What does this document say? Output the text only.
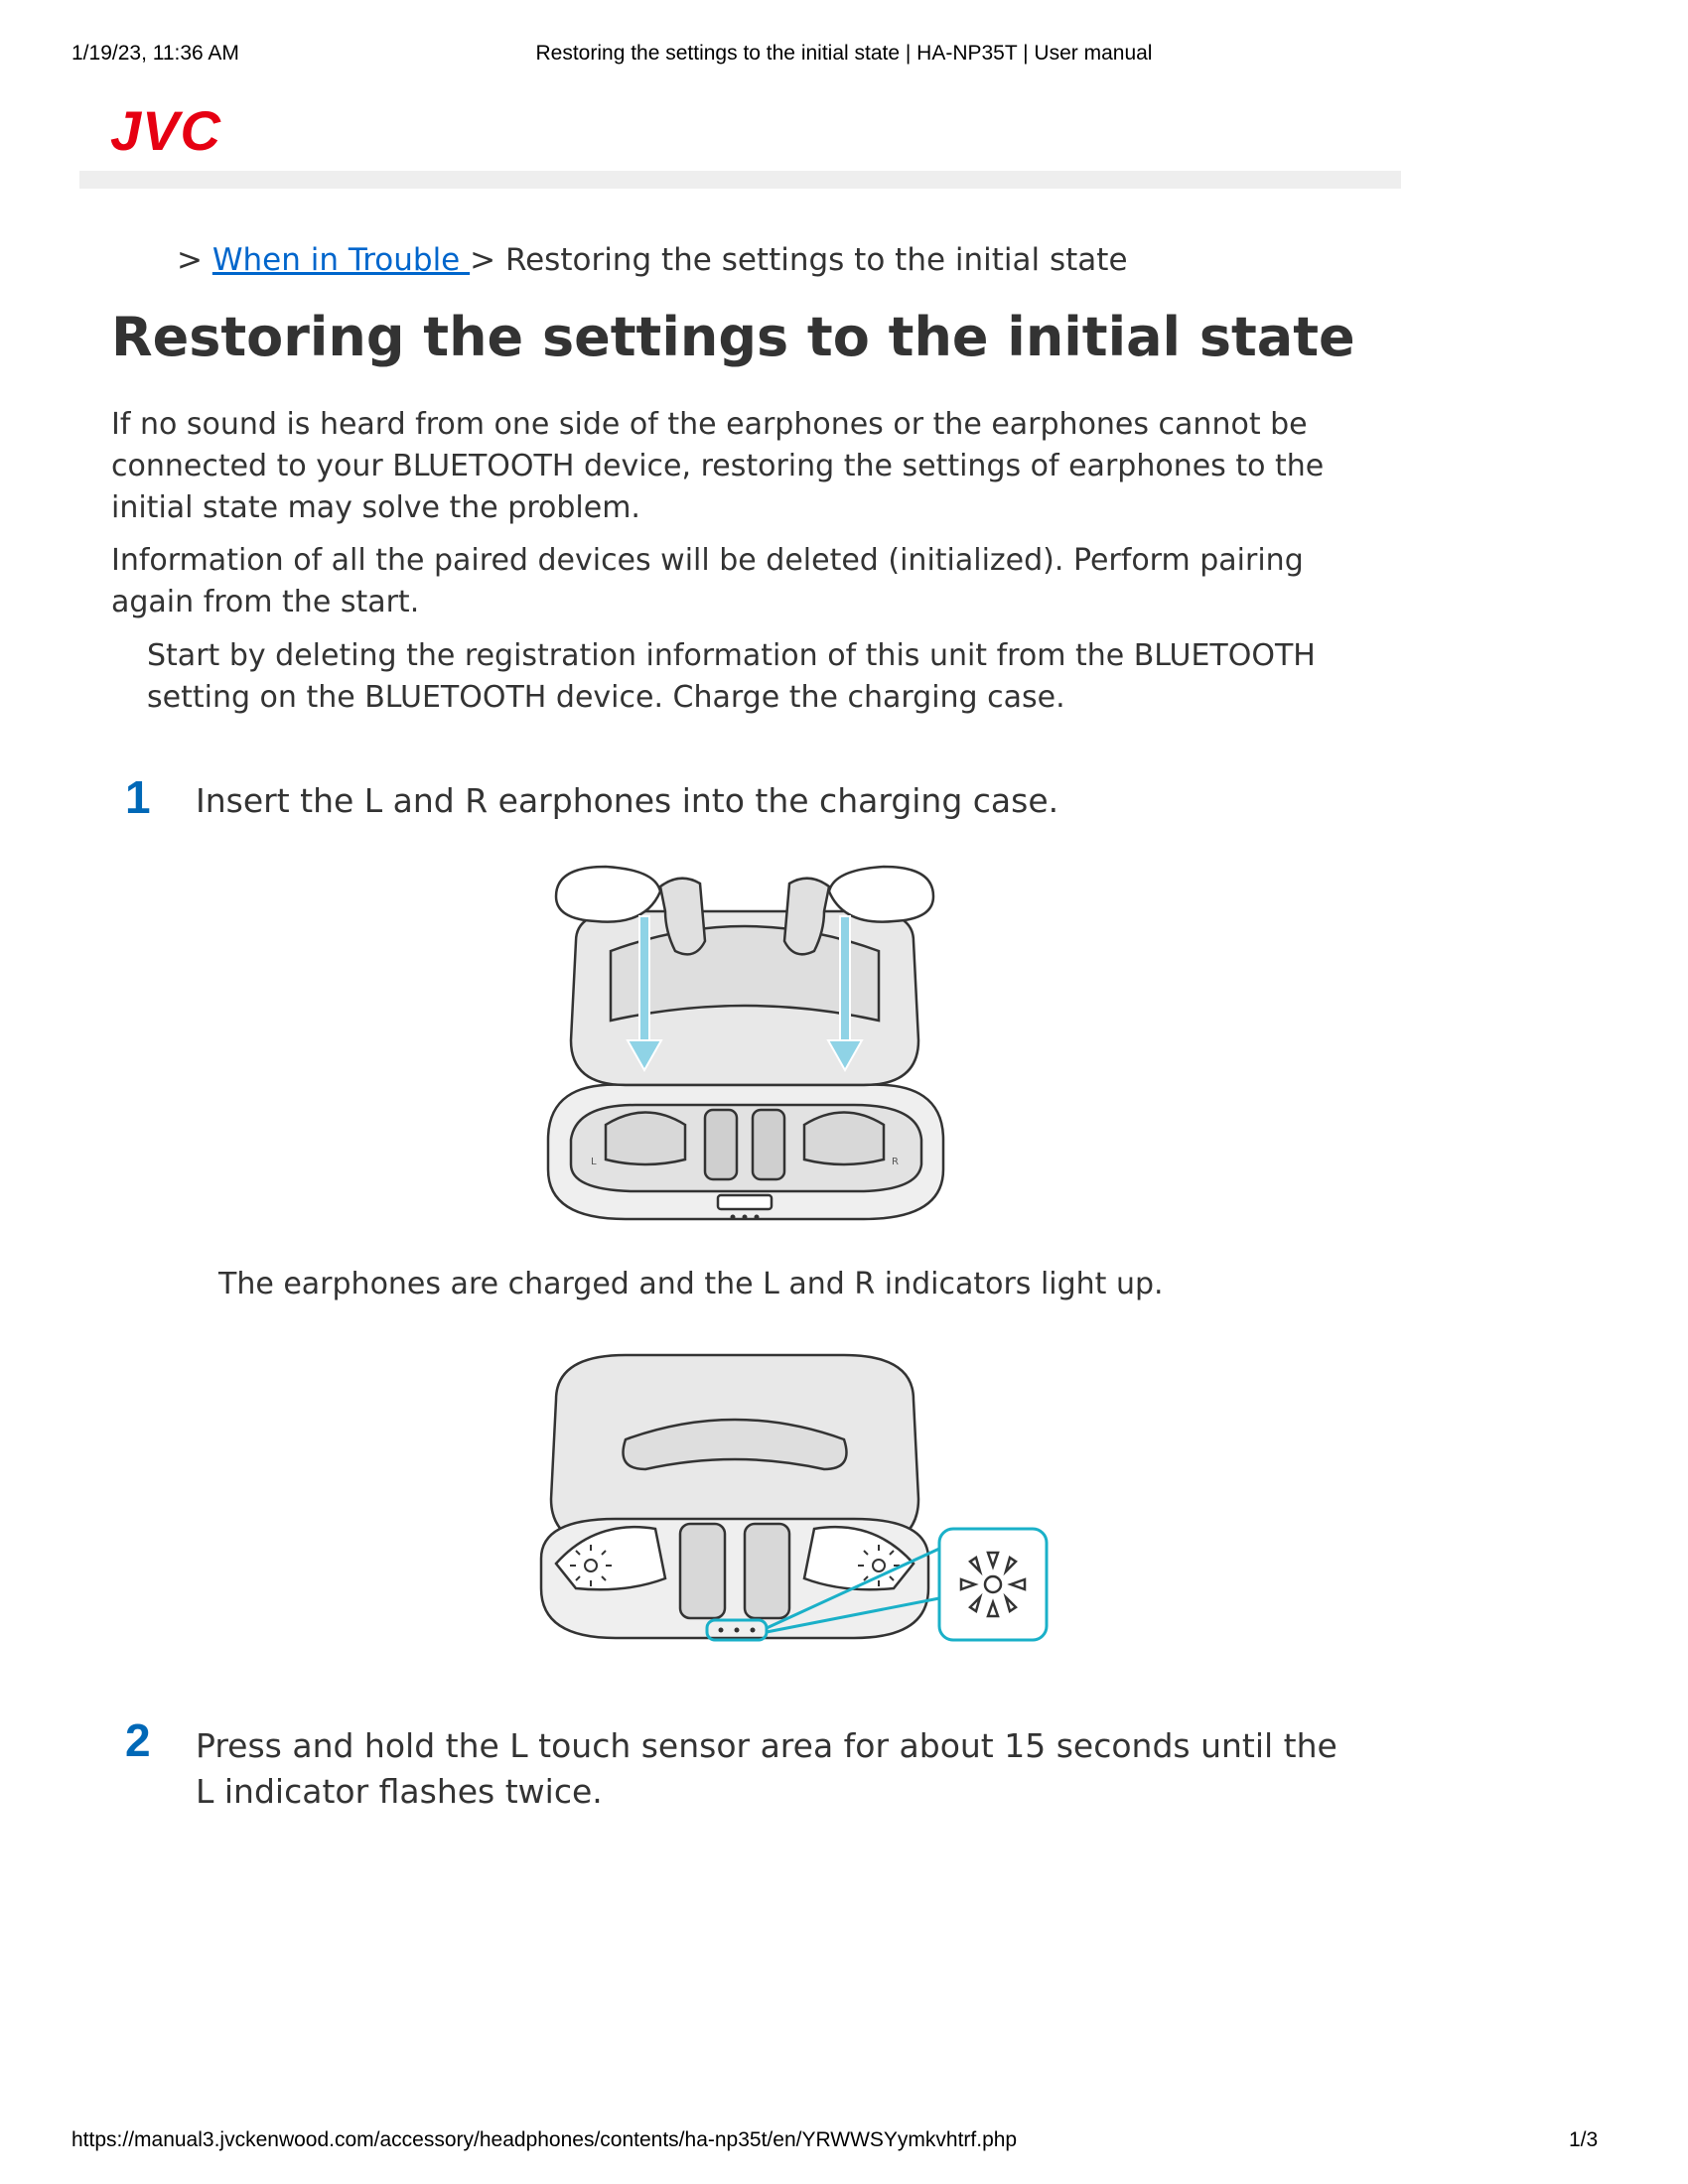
1/19/23, 11:36 AM	Restoring the settings to the initial state | HA-NP35T | User manual
JVC
> When in Trouble > Restoring the settings to the initial state
Restoring the settings to the initial state

If no sound is heard from one side of the earphones or the earphones cannot be connected to your BLUETOOTH device, restoring the settings of earphones to the initial state may solve the problem.

Information of all the paired devices will be deleted (initialized). Perform pairing again from the start.

Start by deleting the registration information of this unit from the BLUETOOTH setting on the BLUETOOTH device. Charge the charging case.

1 Insert the L and R earphones into the charging case.

L	R
The earphones are charged and the L and R indicators light up.
2 Press and hold the L touch sensor area for about 15 seconds until the L indicator flashes twice.

https://manual3.jvckenwood.com/accessory/headphones/contents/ha-np35t/en/YRWWSYymkvhtrf.php	1/3
